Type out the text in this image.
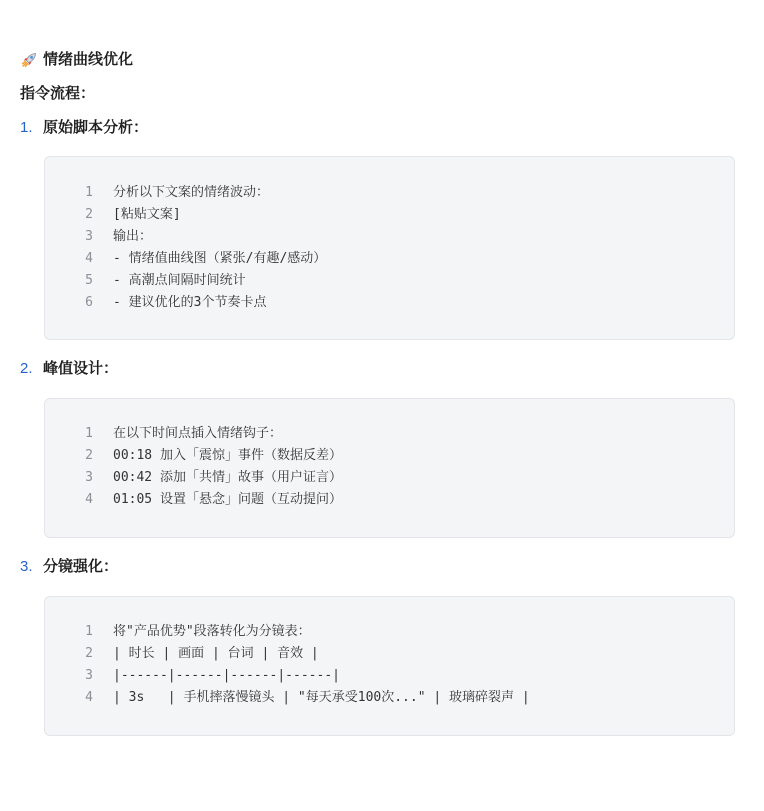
情绪曲线优化
指令流程：
1. 原始脚本分析：
1 分析以下文案的情绪波动：
2 [粘贴文案]
3 输出：
4 - 情绪值曲线图（紧张/有趣/感动）
5 - 高潮点间隔时间统计
6 - 建议优化的3个节奏卡点
2. 峰值设计：
1 在以下时间点插入情绪钩子：
2 00:18 加入「震惊」事件（数据反差）
3 00:42 添加「共情」故事（用户证言）
4 01:05 设置「悬念」问题（互动提问）
3. 分镜强化：
1 将"产品优势"段落转化为分镜表：
2 | 时长 | 画面 | 台词 | 音效 |
3 |------|------|------|------|
4 | 3s   | 手机摔落慢镜头 | "每天承受100次..." | 玻璃碎裂声 |
